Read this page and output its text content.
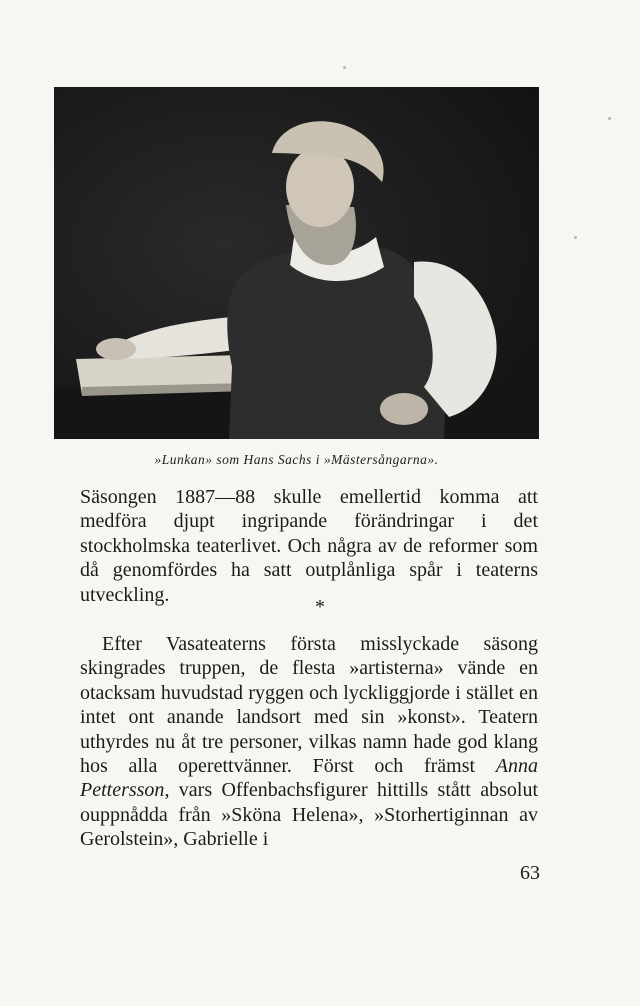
»Lunkan» som Hans Sachs i »Mästersångarna».

Säsongen 1887—88 skulle emellertid komma att medföra djupt ingripande förändringar i det stockholmska teaterlivet. Och några av de reformer som då genomfördes ha satt outplånliga spår i teaterns utveckling.

*

Efter Vasateaterns första misslyckade säsong skingrades truppen, de flesta »artisterna» vände en otacksam huvudstad ryggen och lyckliggjorde i stället en intet ont anande landsort med sin »konst». Teatern uthyrdes nu åt tre personer, vilkas namn hade god klang hos alla operettvänner. Först och främst Anna Pettersson, vars Offenbachsfigurer hittills stått absolut ouppnådda från »Sköna Helena», »Storhertiginnan av Gerolstein», Gabrielle i

63
